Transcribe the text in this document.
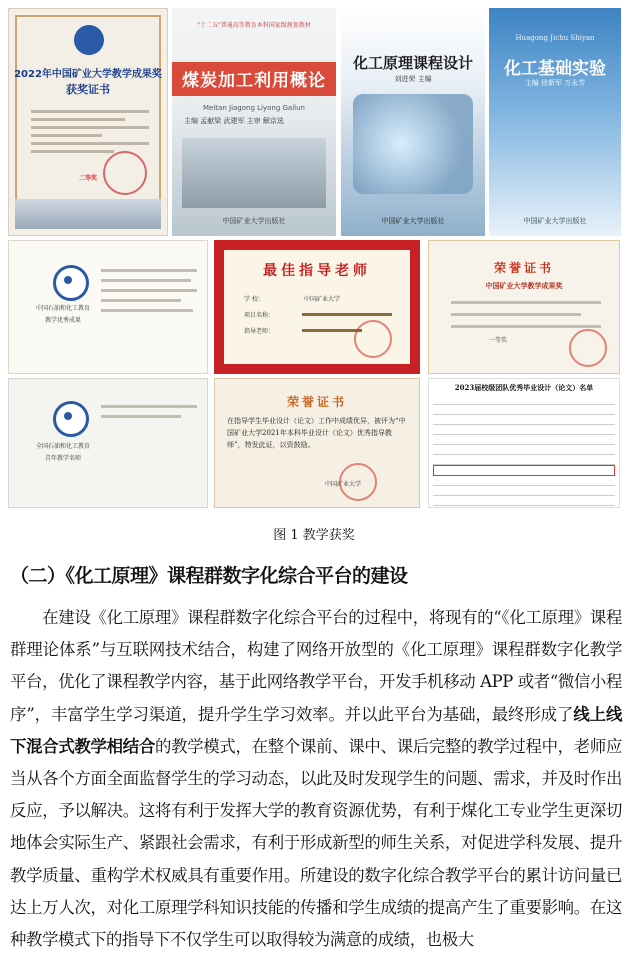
2022年中国矿业大学教学成果奖
获奖证书
二等奖
"十二五"普通高等教育本科国家级规划教材
煤炭加工利用概论
Meitan Jiagong Liyong Gailun
主编 孟献梁 武建军 主审 解京选
中国矿业大学出版社
化工原理课程设计
刘进荣 主编
中国矿业大学出版社
Huagong Jichu Shiyan
化工基础实验
主编 徐新军 万永芳
中国矿业大学出版社
中国石油和化工教育
教学优秀成果
最佳指导老师
学 校：	中国矿业大学
项目名称：
指导老师：
荣誉证书
中国矿业大学教学成果奖
一等奖
全国石油和化工教育
青年教学名师
荣誉证书
在指导学生毕业设计（论文）工作中成绩优异，被评为“中国矿业大学2021年本科毕业设计（论文）优秀指导教师”，特发此证，以资鼓励。
中国矿业大学
2023届校级团队优秀毕业设计（论文）名单
图 1 教学获奖
（二）《化工原理》课程群数字化综合平台的建设
在建设《化工原理》课程群数字化综合平台的过程中，将现有的“《化工原理》课程群理论体系”与互联网技术结合，构建了网络开放型的《化工原理》课程群数字化教学平台，优化了课程教学内容，基于此网络教学平台，开发手机移动 APP 或者“微信小程序”，丰富学生学习渠道，提升学生学习效率。并以此平台为基础，最终形成了线上线下混合式教学相结合的教学模式，在整个课前、课中、课后完整的教学过程中，老师应当从各个方面全面监督学生的学习动态，以此及时发现学生的问题、需求，并及时作出反应，予以解决。这将有利于发挥大学的教育资源优势，有利于煤化工专业学生更深切地体会实际生产、紧跟社会需求，有利于形成新型的师生关系，对促进学科发展、提升教学质量、重构学术权威具有重要作用。所建设的数字化综合教学平台的累计访问量已达上万人次，对化工原理学科知识技能的传播和学生成绩的提高产生了重要影响。在这种教学模式下的指导下不仅学生可以取得较为满意的成绩，也极大
